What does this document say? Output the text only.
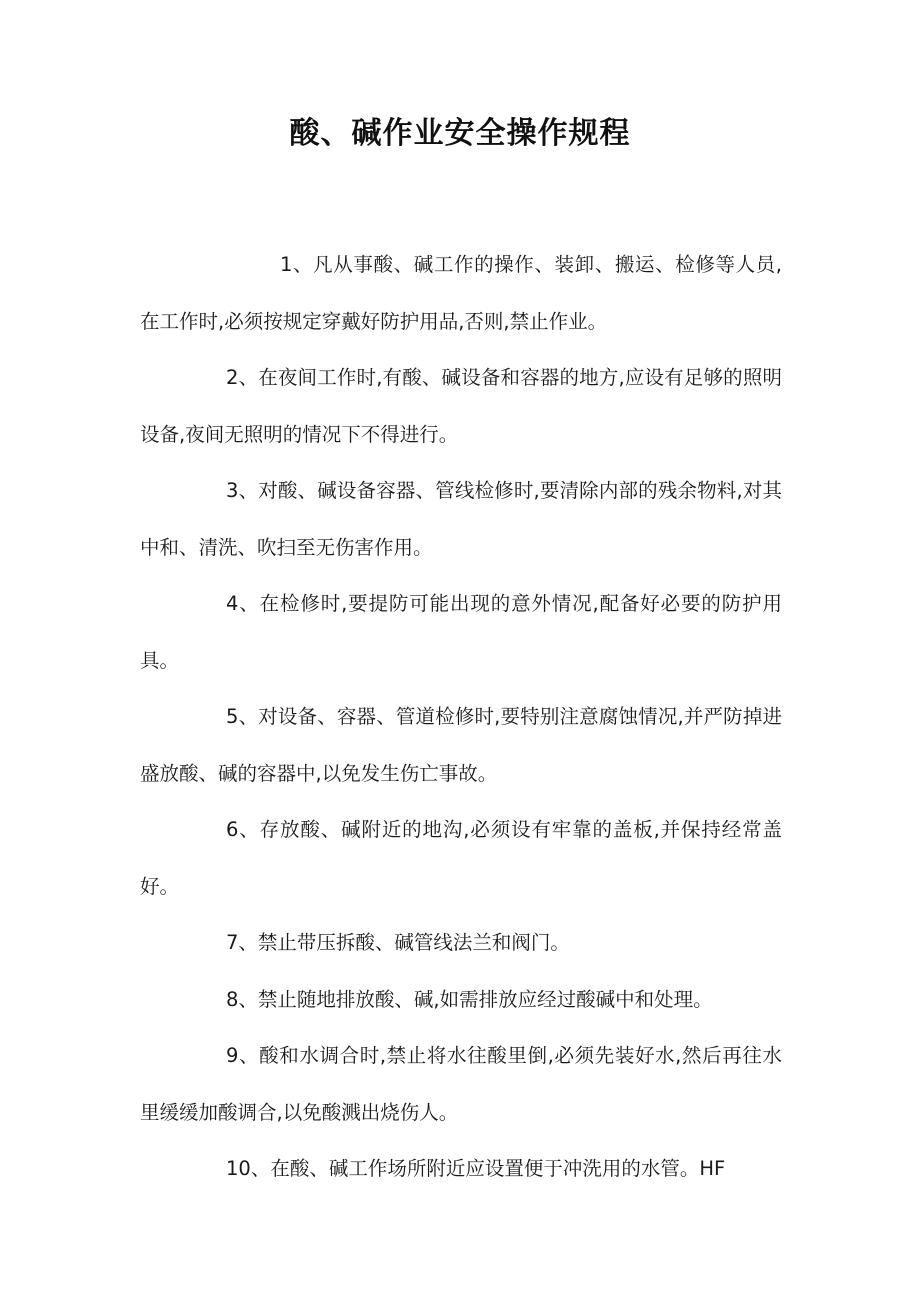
酸、碱作业安全操作规程

1、凡从事酸、碱工作的操作、装卸、搬运、检修等人员,在工作时,必须按规定穿戴好防护用品,否则,禁止作业。

2、在夜间工作时,有酸、碱设备和容器的地方,应设有足够的照明设备,夜间无照明的情况下不得进行。

3、对酸、碱设备容器、管线检修时,要清除内部的残余物料,对其中和、清洗、吹扫至无伤害作用。

4、在检修时,要提防可能出现的意外情况,配备好必要的防护用具。

5、对设备、容器、管道检修时,要特别注意腐蚀情况,并严防掉进盛放酸、碱的容器中,以免发生伤亡事故。

6、存放酸、碱附近的地沟,必须设有牢靠的盖板,并保持经常盖好。

7、禁止带压拆酸、碱管线法兰和阀门。

8、禁止随地排放酸、碱,如需排放应经过酸碱中和处理。

9、酸和水调合时,禁止将水往酸里倒,必须先装好水,然后再往水里缓缓加酸调合,以免酸溅出烧伤人。

10、在酸、碱工作场所附近应设置便于冲洗用的水管。HF
